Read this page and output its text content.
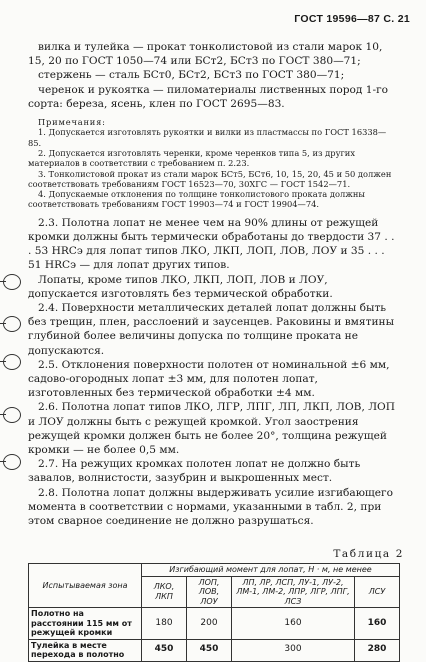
ГОСТ 19596—87 С. 21

вилка и тулейка — прокат тонколистовой из стали марок 10, 15, 20 по ГОСТ 1050—74 или БСт2, БСт3 по ГОСТ 380—71;

стержень — сталь БСт0, БСт2, БСт3 по ГОСТ 380—71;

черенок и рукоятка — пиломатериалы лиственных пород 1-го сорта: береза, ясень, клен по ГОСТ 2695—83.

Примечания:

1. Допускается изготовлять рукоятки и вилки из пластмассы по ГОСТ 16338—85.

2. Допускается изготовлять черенки, кроме черенков типа 5, из других материалов в соответствии с требованием п. 2.23.

3. Тонколистовой прокат из стали марок БСт5, БСт6, 10, 15, 20, 45 и 50 должен соответствовать требованиям ГОСТ 16523—70, 30ХГС — ГОСТ 1542—71.

4. Допускаемые отклонения по толщине тонколистового проката должны соответствовать требованиям ГОСТ 19903—74 и ГОСТ 19904—74.

2.3. Полотна лопат не менее чем на 90% длины от режущей кромки должны быть термически обработаны до твердости 37 . . . 53 HRCэ для лопат типов ЛКО, ЛКП, ЛОП, ЛОВ, ЛОУ и 35 . . . 51 HRCэ — для лопат других типов.

Лопаты, кроме типов ЛКО, ЛКП, ЛОП, ЛОВ и ЛОУ, допускается изготовлять без термической обработки.

2.4. Поверхности металлических деталей лопат должны быть без трещин, плен, расслоений и заусенцев. Раковины и вмятины глубиной более величины допуска по толщине проката не допускаются.

2.5. Отклонения поверхности полотен от номинальной ±6 мм, садово-огородных лопат ±3 мм, для полотен лопат, изготовленных без термической обработки ±4 мм.

2.6. Полотна лопат типов ЛКО, ЛГР, ЛПГ, ЛП, ЛКП, ЛОВ, ЛОП и ЛОУ должны быть с режущей кромкой. Угол заострения режущей кромки должен быть не более 20°, толщина режущей кромки — не более 0,5 мм.

2.7. На режущих кромках полотен лопат не должно быть завалов, волнистости, зазубрин и выкрошенных мест.

2.8. Полотна лопат должны выдерживать усилие изгибающего момента в соответствии с нормами, указанными в табл. 2, при этом сварное соединение не должно разрушаться.

Таблица 2
Испытываемая зона	Изгибающий момент для лопат, Н · м, не менее			
	ЛКО, ЛКП	ЛОП, ЛОВ, ЛОУ	ЛП, ЛР, ЛСП, ЛУ-1, ЛУ-2, ЛМ-1, ЛМ-2, ЛПР, ЛГР, ЛПГ, ЛСЗ	ЛСУ
Полотно на расстоянии 115 мм от режущей кромки	180	200	160	160
Тулейка в месте перехода в полотно	450	450	300	280
